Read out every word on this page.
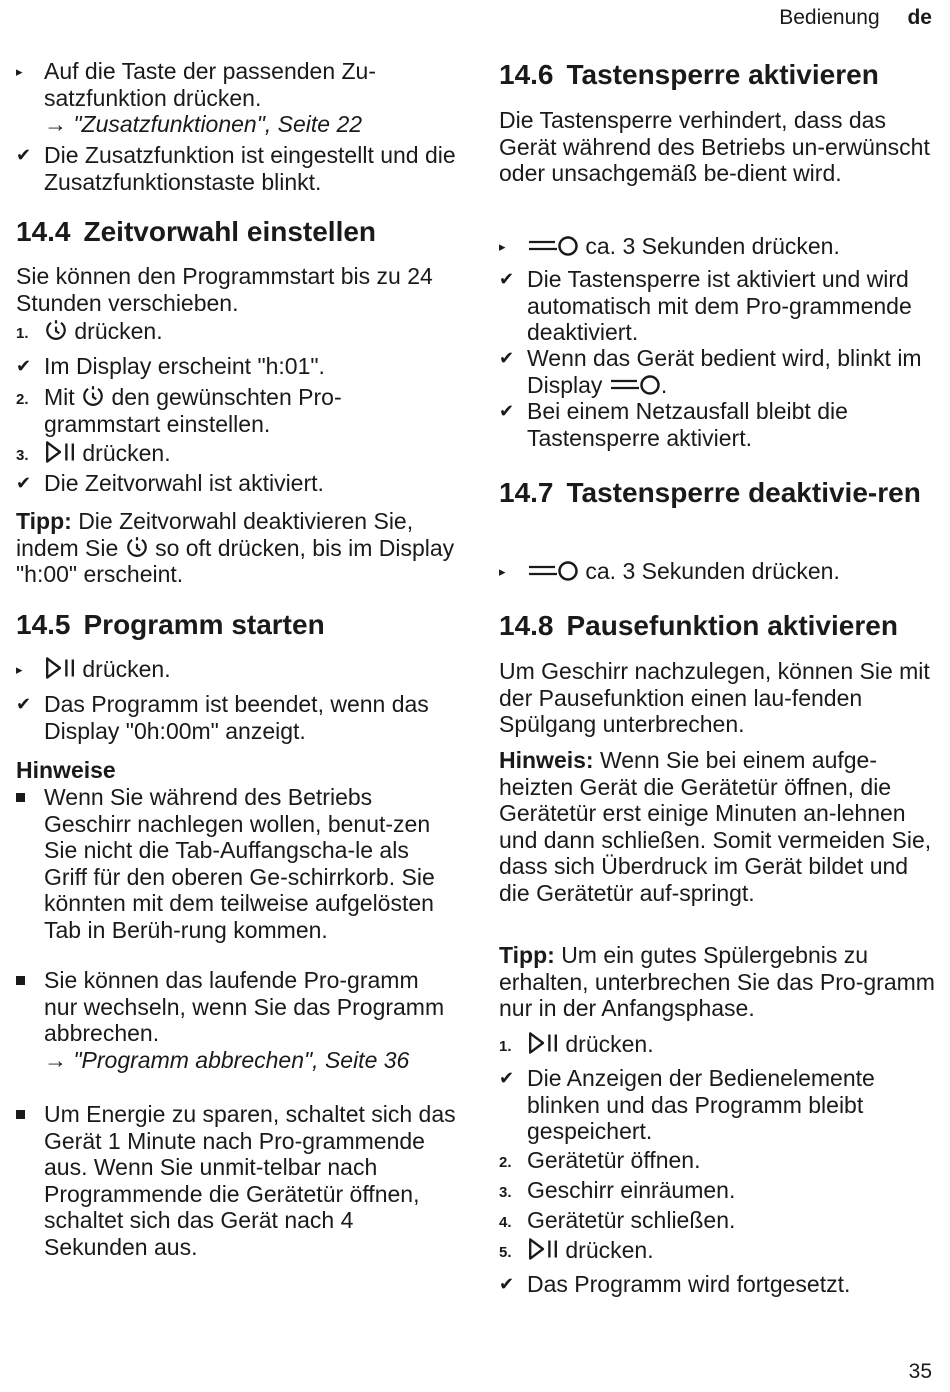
Bedienung de
▸ Auf die Taste der passenden Zu-satzfunktion drücken.
→ "Zusatzfunktionen", Seite 22
✔ Die Zusatzfunktion ist eingestellt und die Zusatzfunktionstaste blinkt.
14.4 Zeitvorwahl einstellen

Sie können den Programmstart bis zu 24 Stunden verschieben.

1.	drücken.
✔ Im Display erscheint "h:01".
2. Mit den gewünschten Pro-grammstart einstellen.
3.	drücken.
✔ Die Zeitvorwahl ist aktiviert.

Tipp: Die Zeitvorwahl deaktivieren Sie, indem Sie so oft drücken, bis im Display "h:00" erscheint.

14.5 Programm starten
▸	drücken.
✔ Das Programm ist beendet, wenn das Display "0h:00m" anzeigt.
Hinweise
Wenn Sie während des Betriebs Geschirr nachlegen wollen, benut-zen Sie nicht die Tab-Auffangscha-le als Griff für den oberen Ge-schirrkorb. Sie könnten mit dem teilweise aufgelösten Tab in Berüh-rung kommen.
Sie können das laufende Pro-gramm nur wechseln, wenn Sie das Programm abbrechen.
→ "Programm abbrechen", Seite 36
Um Energie zu sparen, schaltet sich das Gerät 1 Minute nach Pro-grammende aus. Wenn Sie unmit-telbar nach Programmende die Gerätetür öffnen, schaltet sich das Gerät nach 4 Sekunden aus.
14.6 Tastensperre aktivieren

Die Tastensperre verhindert, dass das Gerät während des Betriebs un-erwünscht oder unsachgemäß be-dient wird.

▸	ca. 3 Sekunden drücken.
✔ Die Tastensperre ist aktiviert und wird automatisch mit dem Pro-grammende deaktiviert.
✔ Wenn das Gerät bedient wird, blinkt im Display	.
✔ Bei einem Netzausfall bleibt die Tastensperre aktiviert.
14.7 Tastensperre deaktivie-ren
▸	ca. 3 Sekunden drücken.
14.8 Pausefunktion aktivieren

Um Geschirr nachzulegen, können Sie mit der Pausefunktion einen lau-fenden Spülgang unterbrechen.

Hinweis: Wenn Sie bei einem aufge-heizten Gerät die Gerätetür öffnen, die Gerätetür erst einige Minuten an-lehnen und dann schließen. Somit vermeiden Sie, dass sich Überdruck im Gerät bildet und die Gerätetür auf-springt.

Tipp: Um ein gutes Spülergebnis zu erhalten, unterbrechen Sie das Pro-gramm nur in der Anfangsphase.

1.	drücken.
✔ Die Anzeigen der Bedienelemente blinken und das Programm bleibt gespeichert.
2. Gerätetür öffnen.
3. Geschirr einräumen.
4. Gerätetür schließen.
5.	drücken.
✔ Das Programm wird fortgesetzt.
35
